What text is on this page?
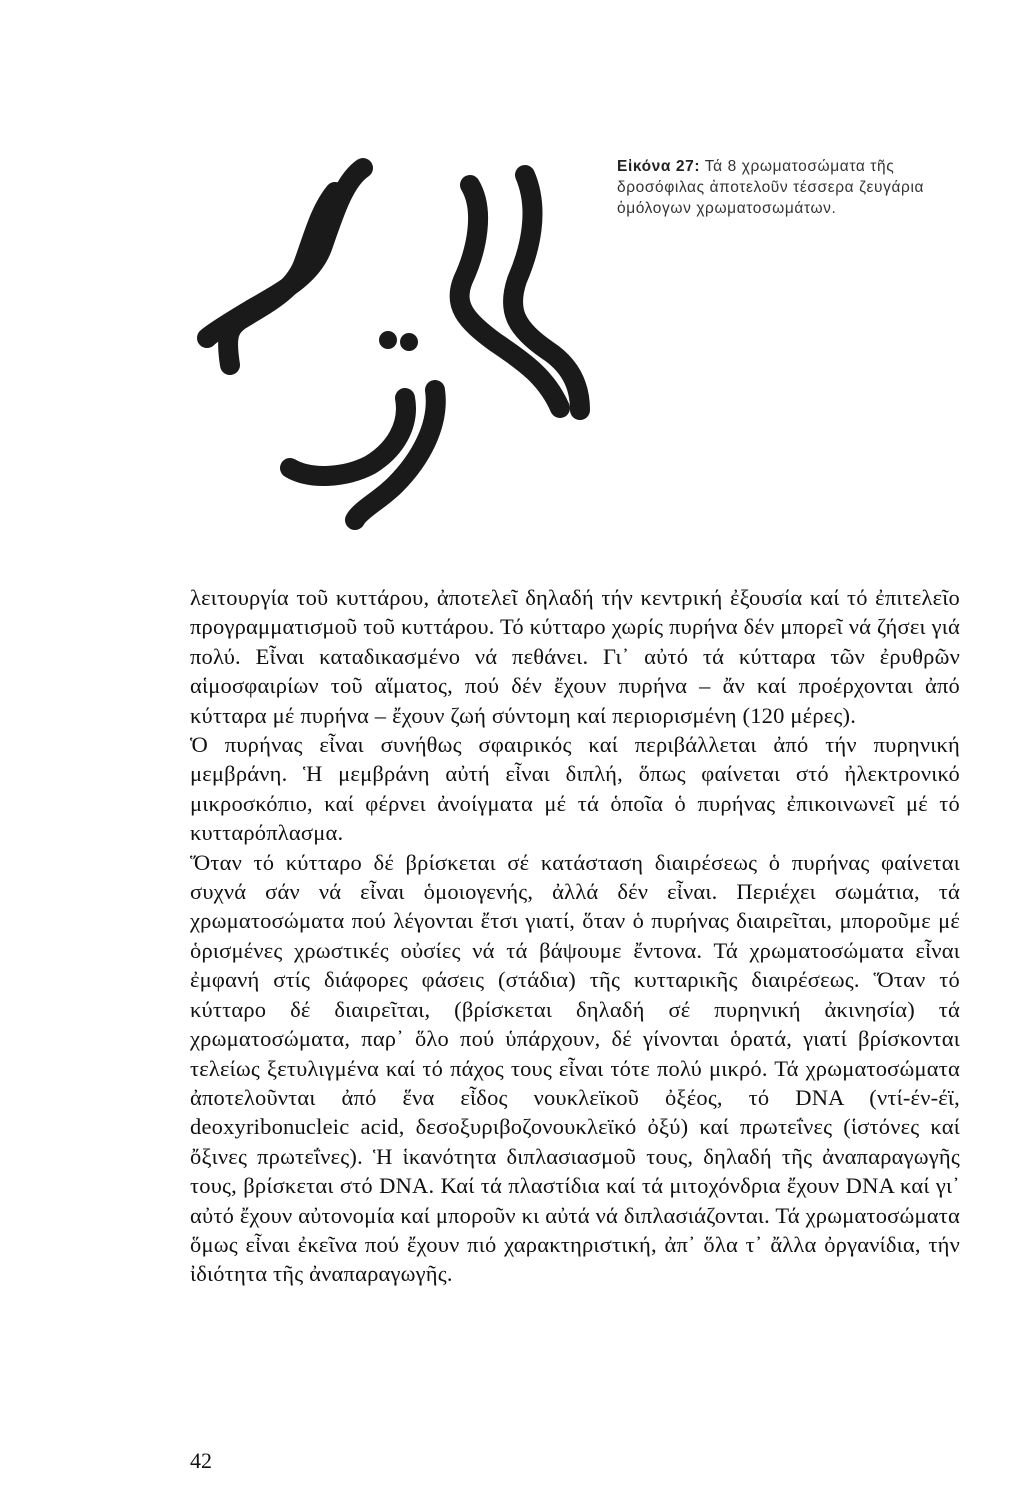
Εἰκόνα 27: Τά 8 χρωματοσώματα τῆς δροσόφιλας ἀποτελοῦν τέσσερα ζευγάρια ὁμόλογων χρωματοσωμάτων.

λειτουργία τοῦ κυττάρου, ἀποτελεῖ δηλαδή τήν κεντρική ἐξουσία καί τό ἐπιτελεῖο προγραμματισμοῦ τοῦ κυττάρου. Τό κύτταρο χωρίς πυρήνα δέν μπορεῖ νά ζήσει γιά πολύ. Εἶναι καταδικασμένο νά πεθάνει. Γι᾽ αὐτό τά κύτταρα τῶν ἐρυθρῶν αἱμοσφαιρίων τοῦ αἵματος, πού δέν ἔχουν πυρήνα – ἄν καί προέρχονται ἀπό κύτταρα μέ πυρήνα – ἔχουν ζωή σύντομη καί περιορισμένη (120 μέρες).

Ὁ πυρήνας εἶναι συνήθως σφαιρικός καί περιβάλλεται ἀπό τήν πυρηνική μεμβράνη. Ἡ μεμβράνη αὐτή εἶναι διπλή, ὅπως φαίνεται στό ἠλεκτρονικό μικροσκόπιο, καί φέρνει ἀνοίγματα μέ τά ὁποῖα ὁ πυρήνας ἐπικοινωνεῖ μέ τό κυτταρόπλασμα.

Ὅταν τό κύτταρο δέ βρίσκεται σέ κατάσταση διαιρέσεως ὁ πυρήνας φαίνεται συχνά σάν νά εἶναι ὁμοιογενής, ἀλλά δέν εἶναι. Περιέχει σωμάτια, τά χρωματοσώματα πού λέγονται ἔτσι γιατί, ὅταν ὁ πυρήνας διαιρεῖται, μποροῦμε μέ ὁρισμένες χρωστικές οὐσίες νά τά βάψουμε ἔντονα. Τά χρωματοσώματα εἶναι ἐμφανή στίς διάφορες φάσεις (στάδια) τῆς κυτταρικῆς διαιρέσεως. Ὅταν τό κύτταρο δέ διαιρεῖται, (βρίσκεται δηλαδή σέ πυρηνική ἀκινησία) τά χρωματοσώματα, παρ᾽ ὅλο πού ὑπάρχουν, δέ γίνονται ὁρατά, γιατί βρίσκονται τελείως ξετυλιγμένα καί τό πάχος τους εἶναι τότε πολύ μικρό. Τά χρωματοσώματα ἀποτελοῦνται ἀπό ἕνα εἶδος νουκλεϊκοῦ ὀξέος, τό DNA (ντί-έν-έϊ, deoxyribonucleic acid, δεσοξυριβοζονουκλεϊκό ὀξύ) καί πρωτεΐνες (ἱστόνες καί ὄξινες πρωτεΐνες). Ἡ ἱκανότητα διπλασιασμοῦ τους, δηλαδή τῆς ἀναπαραγωγῆς τους, βρίσκεται στό DNA. Καί τά πλαστίδια καί τά μιτοχόνδρια ἔχουν DNA καί γι᾽ αὐτό ἔχουν αὐτονομία καί μποροῦν κι αὐτά νά διπλασιάζονται. Τά χρωματοσώματα ὅμως εἶναι ἐκεῖνα πού ἔχουν πιό χαρακτηριστική, ἀπ᾽ ὅλα τ᾽ ἄλλα ὀργανίδια, τήν ἰδιότητα τῆς ἀναπαραγωγῆς.

42
